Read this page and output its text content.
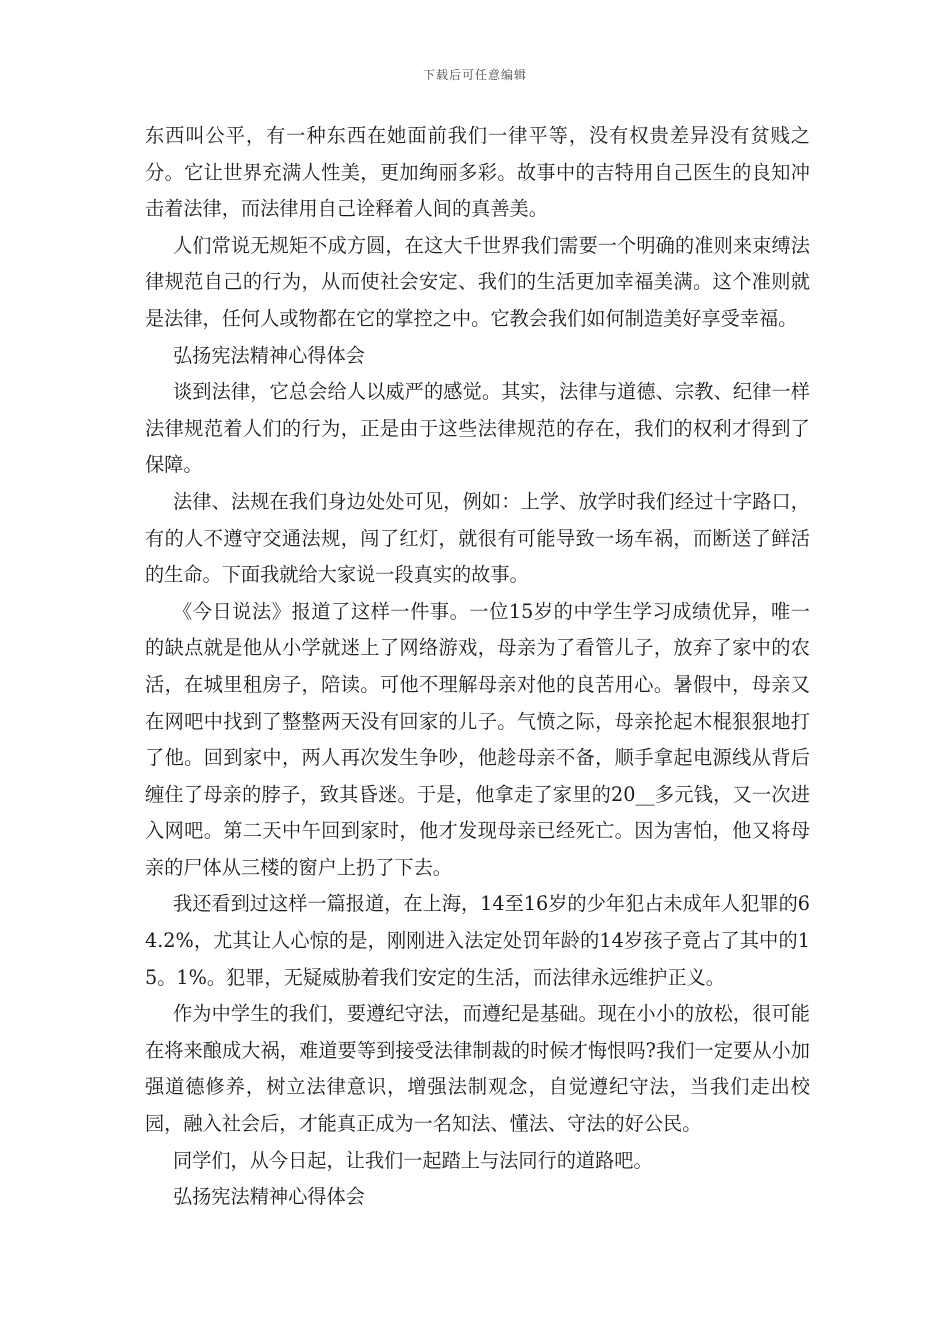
下载后可任意编辑

东西叫公平，有一种东西在她面前我们一律平等，没有权贵差异没有贫贱之分。它让世界充满人性美，更加绚丽多彩。故事中的吉特用自己医生的良知冲击着法律，而法律用自己诠释着人间的真善美。

人们常说无规矩不成方圆，在这大千世界我们需要一个明确的准则来束缚法律规范自己的行为，从而使社会安定、我们的生活更加幸福美满。这个准则就是法律，任何人或物都在它的掌控之中。它教会我们如何制造美好享受幸福。

弘扬宪法精神心得体会

谈到法律，它总会给人以威严的感觉。其实，法律与道德、宗教、纪律一样法律规范着人们的行为，正是由于这些法律规范的存在，我们的权利才得到了保障。

法律、法规在我们身边处处可见，例如：上学、放学时我们经过十字路口，有的人不遵守交通法规，闯了红灯，就很有可能导致一场车祸，而断送了鲜活的生命。下面我就给大家说一段真实的故事。

《今日说法》报道了这样一件事。一位15岁的中学生学习成绩优异，唯一的缺点就是他从小学就迷上了网络游戏，母亲为了看管儿子，放弃了家中的农活，在城里租房子，陪读。可他不理解母亲对他的良苦用心。暑假中，母亲又在网吧中找到了整整两天没有回家的儿子。气愤之际，母亲抡起木棍狠狠地打了他。回到家中，两人再次发生争吵，他趁母亲不备，顺手拿起电源线从背后缠住了母亲的脖子，致其昏迷。于是，他拿走了家里的20__多元钱，又一次进入网吧。第二天中午回到家时，他才发现母亲已经死亡。因为害怕，他又将母亲的尸体从三楼的窗户上扔了下去。

我还看到过这样一篇报道，在上海，14至16岁的少年犯占未成年人犯罪的64.2%，尤其让人心惊的是，刚刚进入法定处罚年龄的14岁孩子竟占了其中的15。1%。犯罪，无疑威胁着我们安定的生活，而法律永远维护正义。

作为中学生的我们，要遵纪守法，而遵纪是基础。现在小小的放松，很可能在将来酿成大祸，难道要等到接受法律制裁的时候才悔恨吗?我们一定要从小加强道德修养，树立法律意识，增强法制观念，自觉遵纪守法，当我们走出校园，融入社会后，才能真正成为一名知法、懂法、守法的好公民。

同学们，从今日起，让我们一起踏上与法同行的道路吧。

弘扬宪法精神心得体会
